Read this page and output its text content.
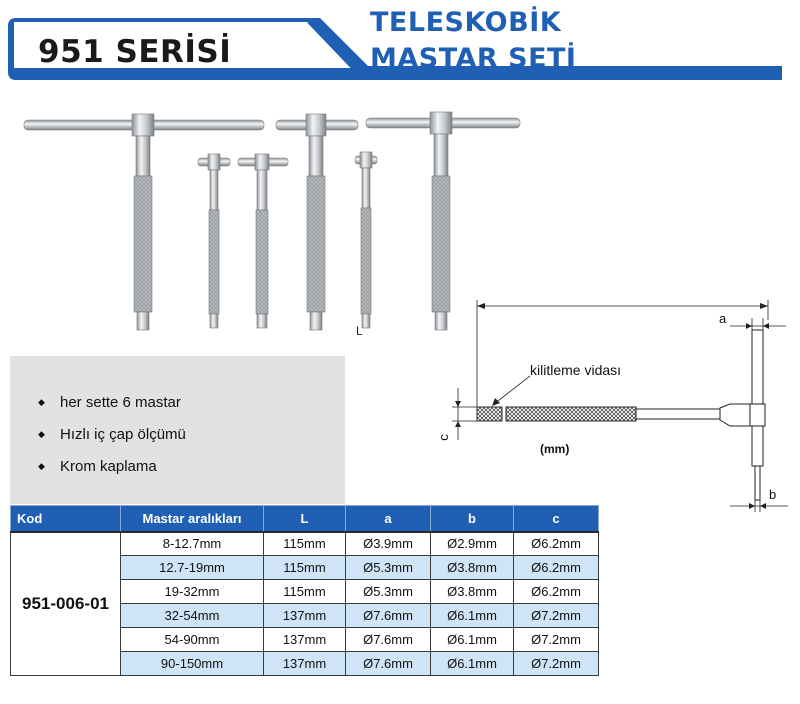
951 SERİSİ
TELESKOBİK
MASTAR SETİ
L
kilitleme vidası
(mm)
a
b
c
◆ her sette 6 mastar
◆ Hızlı iç çap ölçümü
◆ Krom kaplama
Kod	Mastar aralıkları	L	a	b	c
951-006-01	8-12.7mm	115mm	Ø3.9mm	Ø2.9mm	Ø6.2mm
	12.7-19mm	115mm	Ø5.3mm	Ø3.8mm	Ø6.2mm
	19-32mm	115mm	Ø5.3mm	Ø3.8mm	Ø6.2mm
	32-54mm	137mm	Ø7.6mm	Ø6.1mm	Ø7.2mm
	54-90mm	137mm	Ø7.6mm	Ø6.1mm	Ø7.2mm
	90-150mm	137mm	Ø7.6mm	Ø6.1mm	Ø7.2mm
